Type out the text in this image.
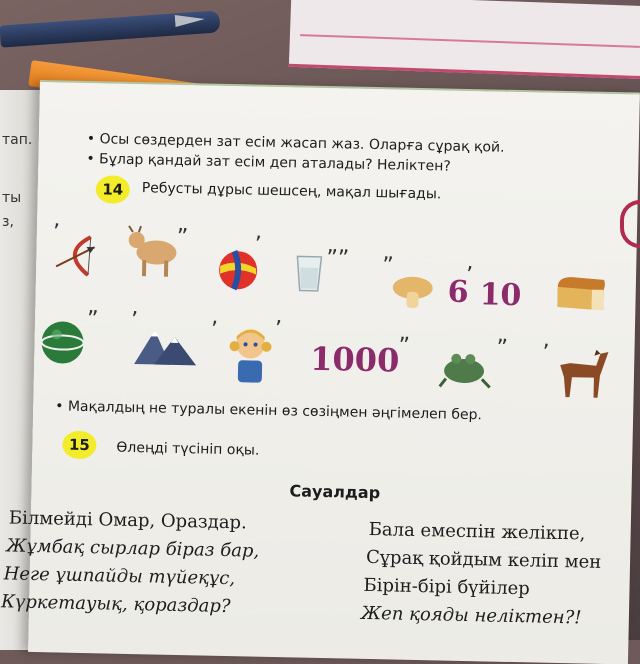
тап.
ты
з,
• Осы сөздерден зат есім жасап жаз. Оларға сұрақ қой.
• Бұлар қандай зат есім деп аталады? Неліктен?
14	Ребусты дұрыс шешсең, мақал шығады.
’	”	’
”” ”
6
’
10
” ’	’	’
1000
”	” ’
• Мақалдың не туралы екенін өз сөзіңмен әңгімелеп бер.
15	Өлеңді түсініп оқы.
Сауалдар
Білмейді Омар, Ораздар.
Жұмбақ сырлар біраз бар,
Неге ұшпайды түйеқұс,
Күркетауық, қораздар?
Бала емеспін желікпе,
Сұрақ қойдым келіп мен
Бірін-бірі бүйілер
Жеп қояды неліктен?!
